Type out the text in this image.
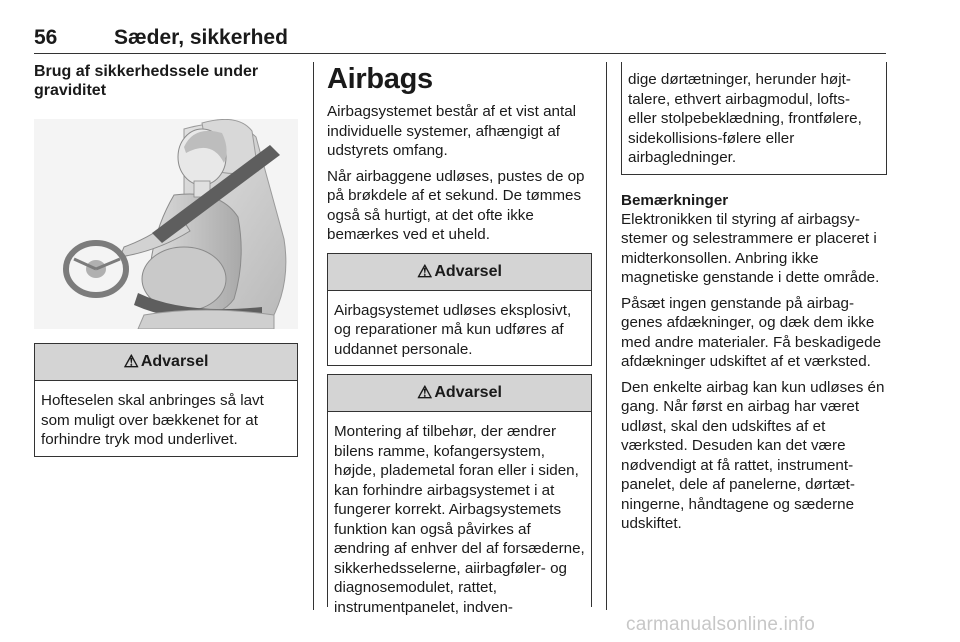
56	Sæder, sikkerhed
Brug af sikkerhedssele under graviditet
⚠ Advarsel

Hofteselen skal anbringes så lavt som muligt over bækkenet for at forhindre tryk mod underlivet.

Airbags

Airbagsystemet består af et vist antal individuelle systemer, afhængigt af udstyrets omfang.

Når airbaggene udløses, pustes de op på brøkdele af et sekund. De tømmes også så hurtigt, at det ofte ikke bemærkes ved et uheld.

⚠ Advarsel

Airbagsystemet udløses eksplosivt, og reparationer må kun udføres af uddannet personale.

⚠ Advarsel

Montering af tilbehør, der ændrer bilens ramme, kofangersystem, højde, plademetal foran eller i siden, kan forhindre airbagsystemet i at fungerer korrekt. Airbagsystemets funktion kan også påvirkes af ændring af enhver del af forsæderne, sikkerhedsselerne, aiirbagføler- og diagnosemodulet, rattet, instrumentpanelet, indven-

dige dørtætninger, herunder højttalere, ethvert airbagmodul, lofts- eller stolpebeklædning, frontfølere, sidekollisions-følere eller airbagledninger.

Bemærkninger

Elektronikken til styring af airbagsystemer og selestrammere er placeret i midterkonsollen. Anbring ikke magnetiske genstande i dette område.

Påsæt ingen genstande på airbaggenes afdækninger, og dæk dem ikke med andre materialer. Få beskadigede afdækninger udskiftet af et værksted.

Den enkelte airbag kan kun udløses én gang. Når først en airbag har været udløst, skal den udskiftes af et værksted. Desuden kan det være nødvendigt at få rattet, instrumentpanelet, dele af panelerne, dørtætningerne, håndtagene og sæderne udskiftet.

carmanualsonline.info
